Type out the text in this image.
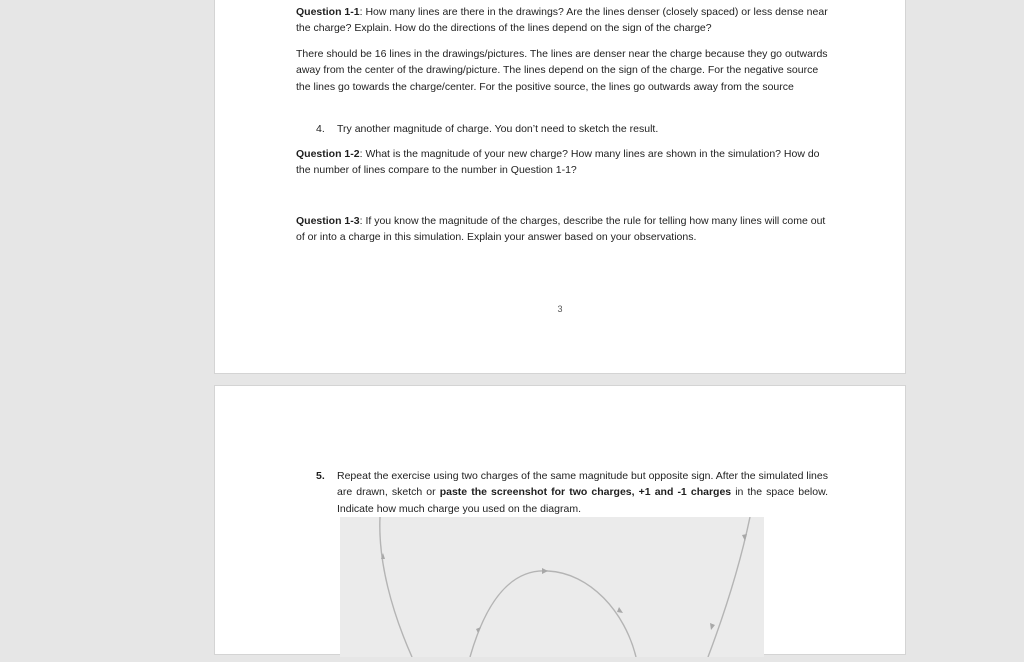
Question 1-1: How many lines are there in the drawings? Are the lines denser (closely spaced) or less dense near the charge? Explain. How do the directions of the lines depend on the sign of the charge?

There should be 16 lines in the drawings/pictures. The lines are denser near the charge because they go outwards away from the center of the drawing/picture. The lines depend on the sign of the charge. For the negative source the lines go towards the charge/center. For the positive source, the lines go outwards away from the source

4. Try another magnitude of charge. You don’t need to sketch the result.

Question 1-2: What is the magnitude of your new charge? How many lines are shown in the simulation? How do the number of lines compare to the number in Question 1-1?

Question 1-3: If you know the magnitude of the charges, describe the rule for telling how many lines will come out of or into a charge in this simulation. Explain your answer based on your observations.

3

5. Repeat the exercise using two charges of the same magnitude but opposite sign. After the simulated lines are drawn, sketch or paste the screenshot for two charges, +1 and -1 charges in the space below. Indicate how much charge you used on the diagram.
